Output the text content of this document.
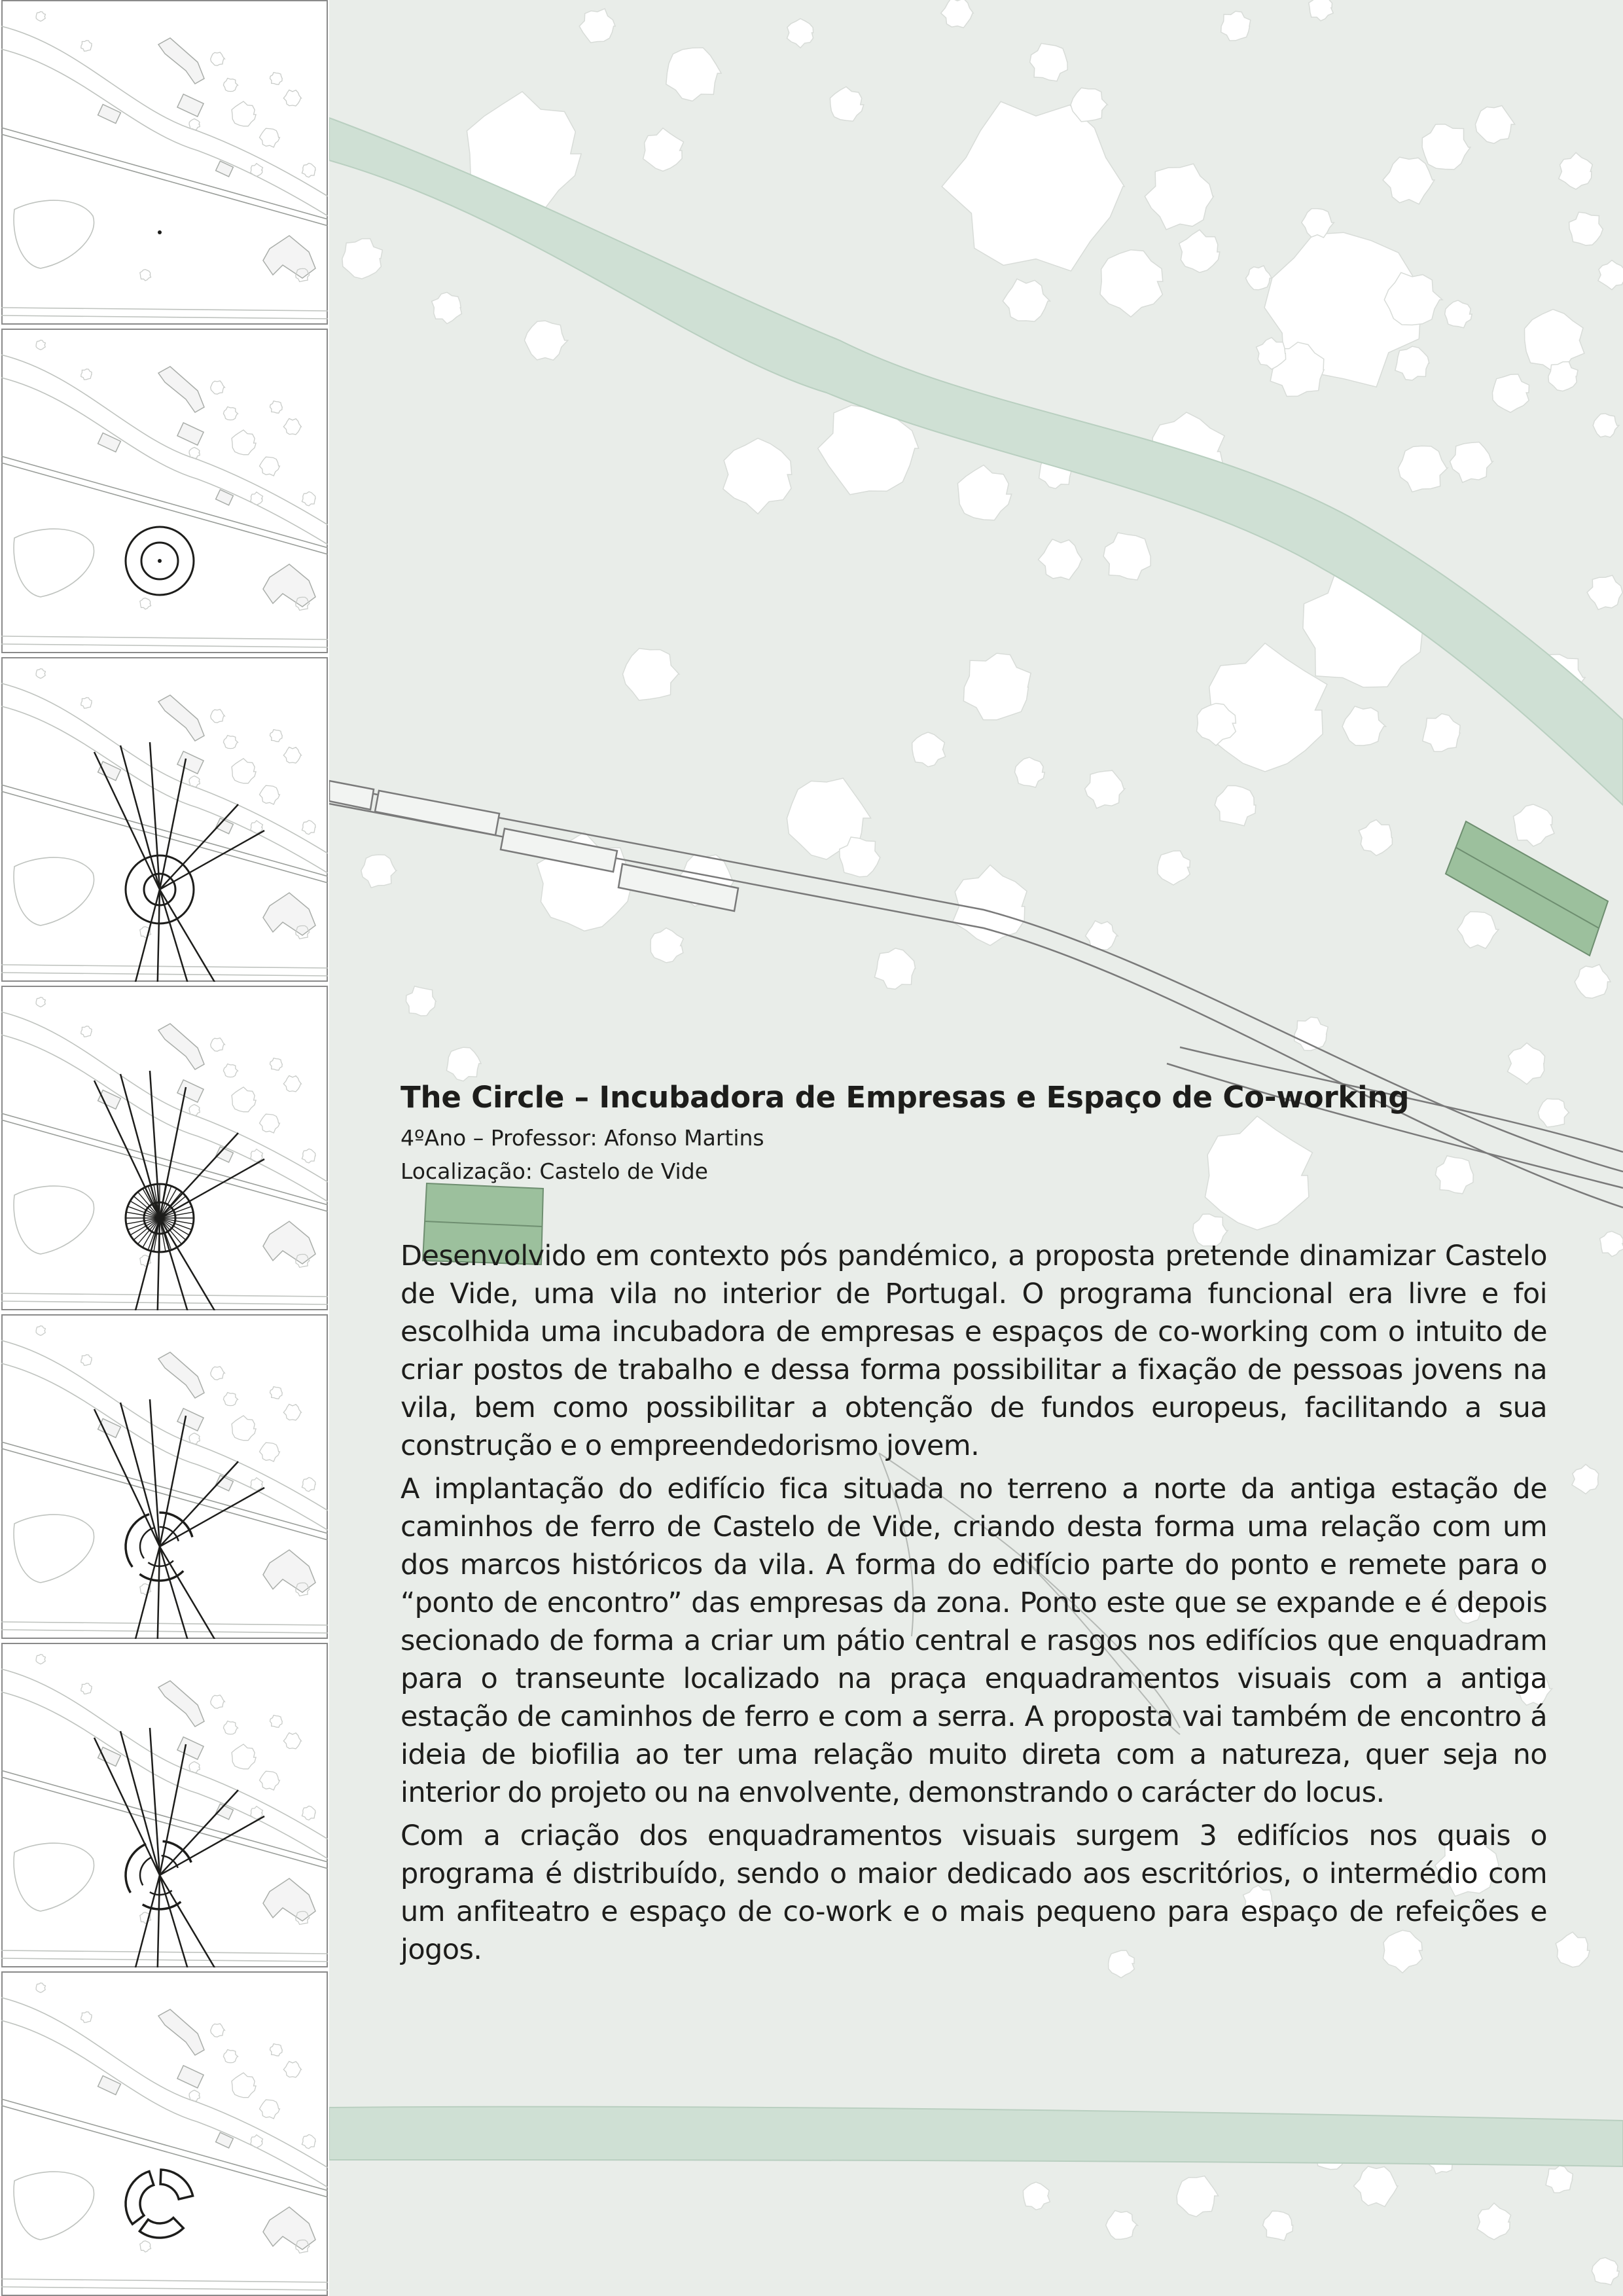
The Circle – Incubadora de Empresas e Espaço de Co-working

4ºAno – Professor: Afonso Martins

Localização: Castelo de Vide

Desenvolvido em contexto pós pandémico, a proposta pretende dinamizar Castelo de Vide, uma vila no interior de Portugal. O programa funcional era livre e foi escolhida uma incubadora de empresas e espaços de co-working com o intuito de criar postos de trabalho e dessa forma possibilitar a fixação de pessoas jovens na vila, bem como possibilitar a obtenção de fundos europeus, facilitando a sua construção e o empreendedorismo jovem.

A implantação do edifício fica situada no terreno a norte da antiga estação de caminhos de ferro de Castelo de Vide, criando desta forma uma relação com um dos marcos históricos da vila. A forma do edifício parte do ponto e remete para o “ponto de encontro” das empresas da zona. Ponto este que se expande e é depois secionado de forma a criar um pátio central e rasgos nos edifícios que enquadram para o transeunte localizado na praça enquadramentos visuais com a antiga estação de caminhos de ferro e com a serra. A proposta vai também de encontro á ideia de biofilia ao ter uma relação muito direta com a natureza, quer seja no interior do projeto ou na envolvente, demonstrando o carácter do locus.

Com a criação dos enquadramentos visuais surgem 3 edifícios nos quais o programa é distribuído, sendo o maior dedicado aos escritórios, o intermédio com um anfiteatro e espaço de co-work e o mais pequeno para espaço de refeições e jogos.
